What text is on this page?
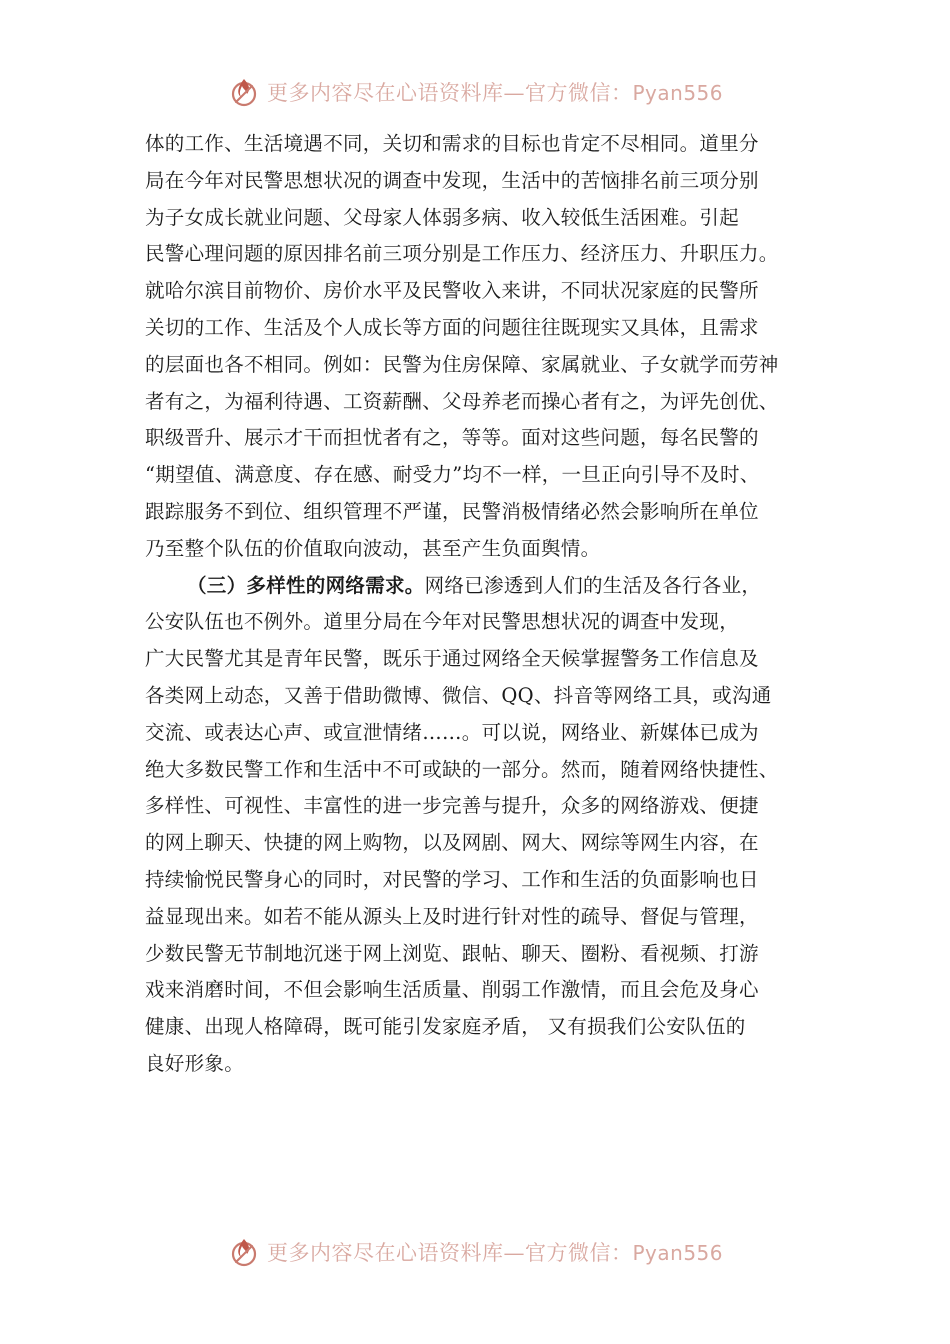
更多内容尽在心语资料库—官方微信：Pyan556

体的工作、生活境遇不同，关切和需求的目标也肯定不尽相同。道里分

局在今年对民警思想状况的调查中发现，生活中的苦恼排名前三项分别

为子女成长就业问题、父母家人体弱多病、收入较低生活困难。引起

民警心理问题的原因排名前三项分别是工作压力、经济压力、升职压力。

就哈尔滨目前物价、房价水平及民警收入来讲，不同状况家庭的民警所

关切的工作、生活及个人成长等方面的问题往往既现实又具体，且需求

的层面也各不相同。例如：民警为住房保障、家属就业、子女就学而劳神

者有之，为福利待遇、工资薪酬、父母养老而操心者有之，为评先创优、

职级晋升、展示才干而担忧者有之，等等。面对这些问题，每名民警的

“期望值、满意度、存在感、耐受力”均不一样，一旦正向引导不及时、

跟踪服务不到位、组织管理不严谨，民警消极情绪必然会影响所在单位

乃至整个队伍的价值取向波动，甚至产生负面舆情。

（三）多样性的网络需求。网络已渗透到人们的生活及各行各业，

公安队伍也不例外。道里分局在今年对民警思想状况的调查中发现，

广大民警尤其是青年民警，既乐于通过网络全天候掌握警务工作信息及

各类网上动态，又善于借助微博、微信、QQ、抖音等网络工具，或沟通

交流、或表达心声、或宣泄情绪……。可以说，网络业、新媒体已成为

绝大多数民警工作和生活中不可或缺的一部分。然而，随着网络快捷性、

多样性、可视性、丰富性的进一步完善与提升，众多的网络游戏、便捷

的网上聊天、快捷的网上购物，以及网剧、网大、网综等网生内容，在

持续愉悦民警身心的同时，对民警的学习、工作和生活的负面影响也日

益显现出来。如若不能从源头上及时进行针对性的疏导、督促与管理，

少数民警无节制地沉迷于网上浏览、跟帖、聊天、圈粉、看视频、打游

戏来消磨时间，不但会影响生活质量、削弱工作激情，而且会危及身心

健康、出现人格障碍，既可能引发家庭矛盾， 又有损我们公安队伍的

良好形象。

更多内容尽在心语资料库—官方微信：Pyan556
